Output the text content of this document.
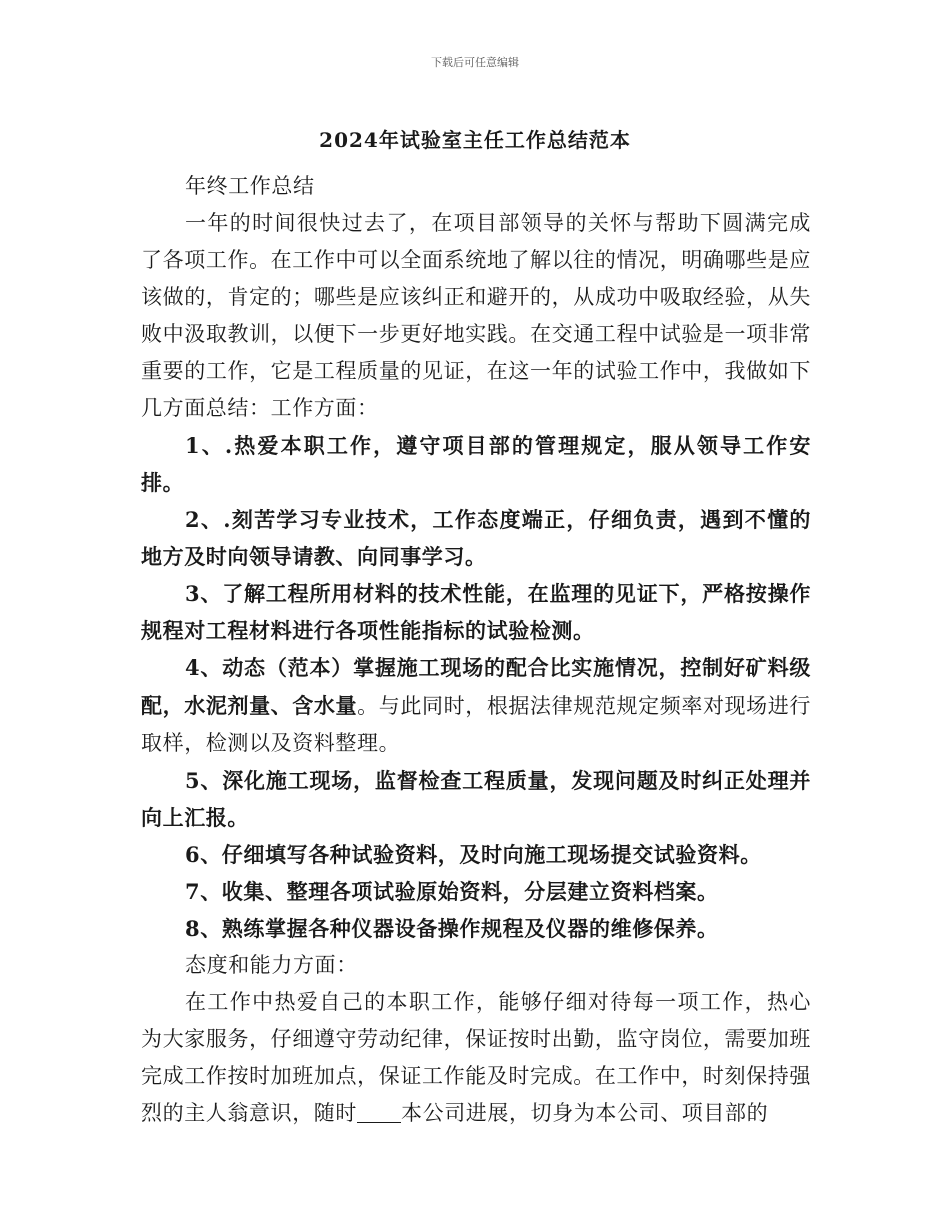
下载后可任意编辑
2024年试验室主任工作总结范本

年终工作总结

一年的时间很快过去了，在项目部领导的关怀与帮助下圆满完成了各项工作。在工作中可以全面系统地了解以往的情况，明确哪些是应该做的，肯定的；哪些是应该纠正和避开的，从成功中吸取经验，从失败中汲取教训，以便下一步更好地实践。在交通工程中试验是一项非常重要的工作，它是工程质量的见证，在这一年的试验工作中，我做如下几方面总结：工作方面：

1、.热爱本职工作，遵守项目部的管理规定，服从领导工作安排。

2、.刻苦学习专业技术，工作态度端正，仔细负责，遇到不懂的地方及时向领导请教、向同事学习。

3、了解工程所用材料的技术性能，在监理的见证下，严格按操作规程对工程材料进行各项性能指标的试验检测。

4、动态（范本）掌握施工现场的配合比实施情况，控制好矿料级配，水泥剂量、含水量。与此同时，根据法律规范规定频率对现场进行取样，检测以及资料整理。

5、深化施工现场，监督检查工程质量，发现问题及时纠正处理并向上汇报。

6、仔细填写各种试验资料，及时向施工现场提交试验资料。

7、收集、整理各项试验原始资料，分层建立资料档案。

8、熟练掌握各种仪器设备操作规程及仪器的维修保养。

态度和能力方面：

在工作中热爱自己的本职工作，能够仔细对待每一项工作，热心为大家服务，仔细遵守劳动纪律，保证按时出勤，监守岗位，需要加班完成工作按时加班加点，保证工作能及时完成。在工作中，时刻保持强烈的主人翁意识，随时 本公司进展，切身为本公司、项目部的
